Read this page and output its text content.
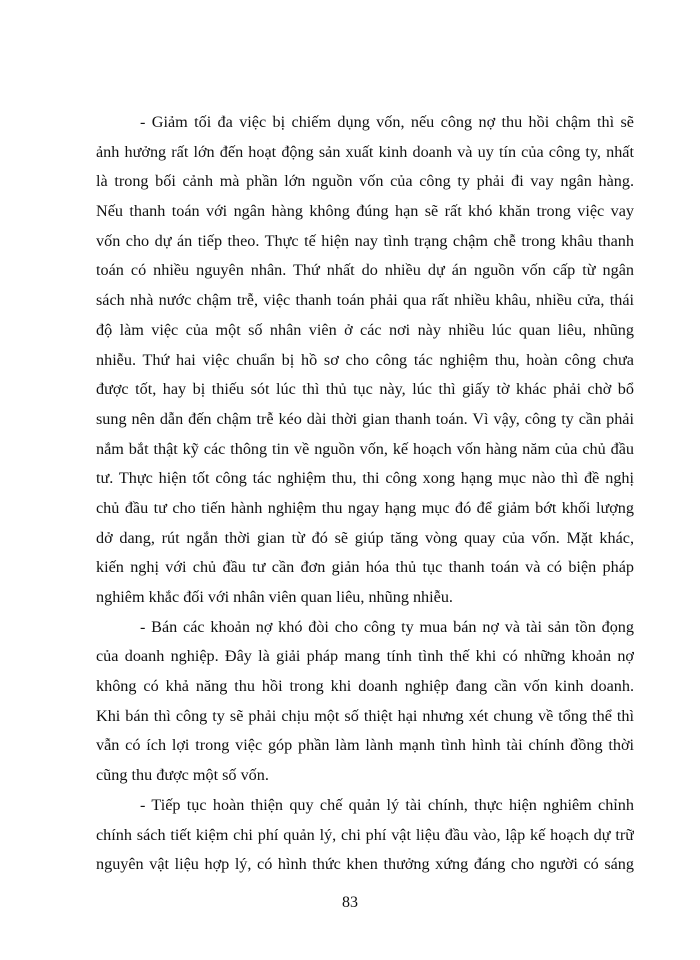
- Giảm tối đa việc bị chiếm dụng vốn, nếu công nợ thu hồi chậm thì sẽ
ảnh hưởng rất lớn đến hoạt động sản xuất kinh doanh và uy tín của công ty, nhất
là trong bối cảnh mà phần lớn nguồn vốn của công ty phải đi vay ngân hàng.
Nếu thanh toán với ngân hàng không đúng hạn sẽ rất khó khăn trong việc vay
vốn cho dự án tiếp theo. Thực tế hiện nay tình trạng chậm chễ trong khâu thanh
toán có nhiều nguyên nhân. Thứ nhất do nhiều dự án nguồn vốn cấp từ ngân
sách nhà nước chậm trễ, việc thanh toán phải qua rất nhiều khâu, nhiều cửa, thái
độ làm việc của một số nhân viên ở các nơi này nhiều lúc quan liêu, nhũng
nhiễu. Thứ hai việc chuẩn bị hồ sơ cho công tác nghiệm thu, hoàn công chưa
được tốt, hay bị thiếu sót lúc thì thủ tục này, lúc thì giấy tờ khác phải chờ bổ
sung nên dẫn đến chậm trễ kéo dài thời gian thanh toán. Vì vậy, công ty cần phải
nắm bắt thật kỹ các thông tin về nguồn vốn, kế hoạch vốn hàng năm của chủ đầu
tư. Thực hiện tốt công tác nghiệm thu, thi công xong hạng mục nào thì đề nghị
chủ đầu tư cho tiến hành nghiệm thu ngay hạng mục đó để giảm bớt khối lượng
dở dang, rút ngắn thời gian từ đó sẽ giúp tăng vòng quay của vốn. Mặt khác,
kiến nghị với chủ đầu tư cần đơn giản hóa thủ tục thanh toán và có biện pháp
nghiêm khắc đối với nhân viên quan liêu, nhũng nhiễu.
- Bán các khoản nợ khó đòi cho công ty mua bán nợ và tài sản tồn đọng
của doanh nghiệp. Đây là giải pháp mang tính tình thế khi có những khoản nợ
không có khả năng thu hồi trong khi doanh nghiệp đang cần vốn kinh doanh.
Khi bán thì công ty sẽ phải chịu một số thiệt hại nhưng xét chung về tổng thể thì
vẫn có ích lợi trong việc góp phần làm lành mạnh tình hình tài chính đồng thời
cũng thu được một số vốn.
- Tiếp tục hoàn thiện quy chế quản lý tài chính, thực hiện nghiêm chỉnh
chính sách tiết kiệm chi phí quản lý, chi phí vật liệu đầu vào, lập kế hoạch dự trữ
nguyên vật liệu hợp lý, có hình thức khen thưởng xứng đáng cho người có sáng
83
